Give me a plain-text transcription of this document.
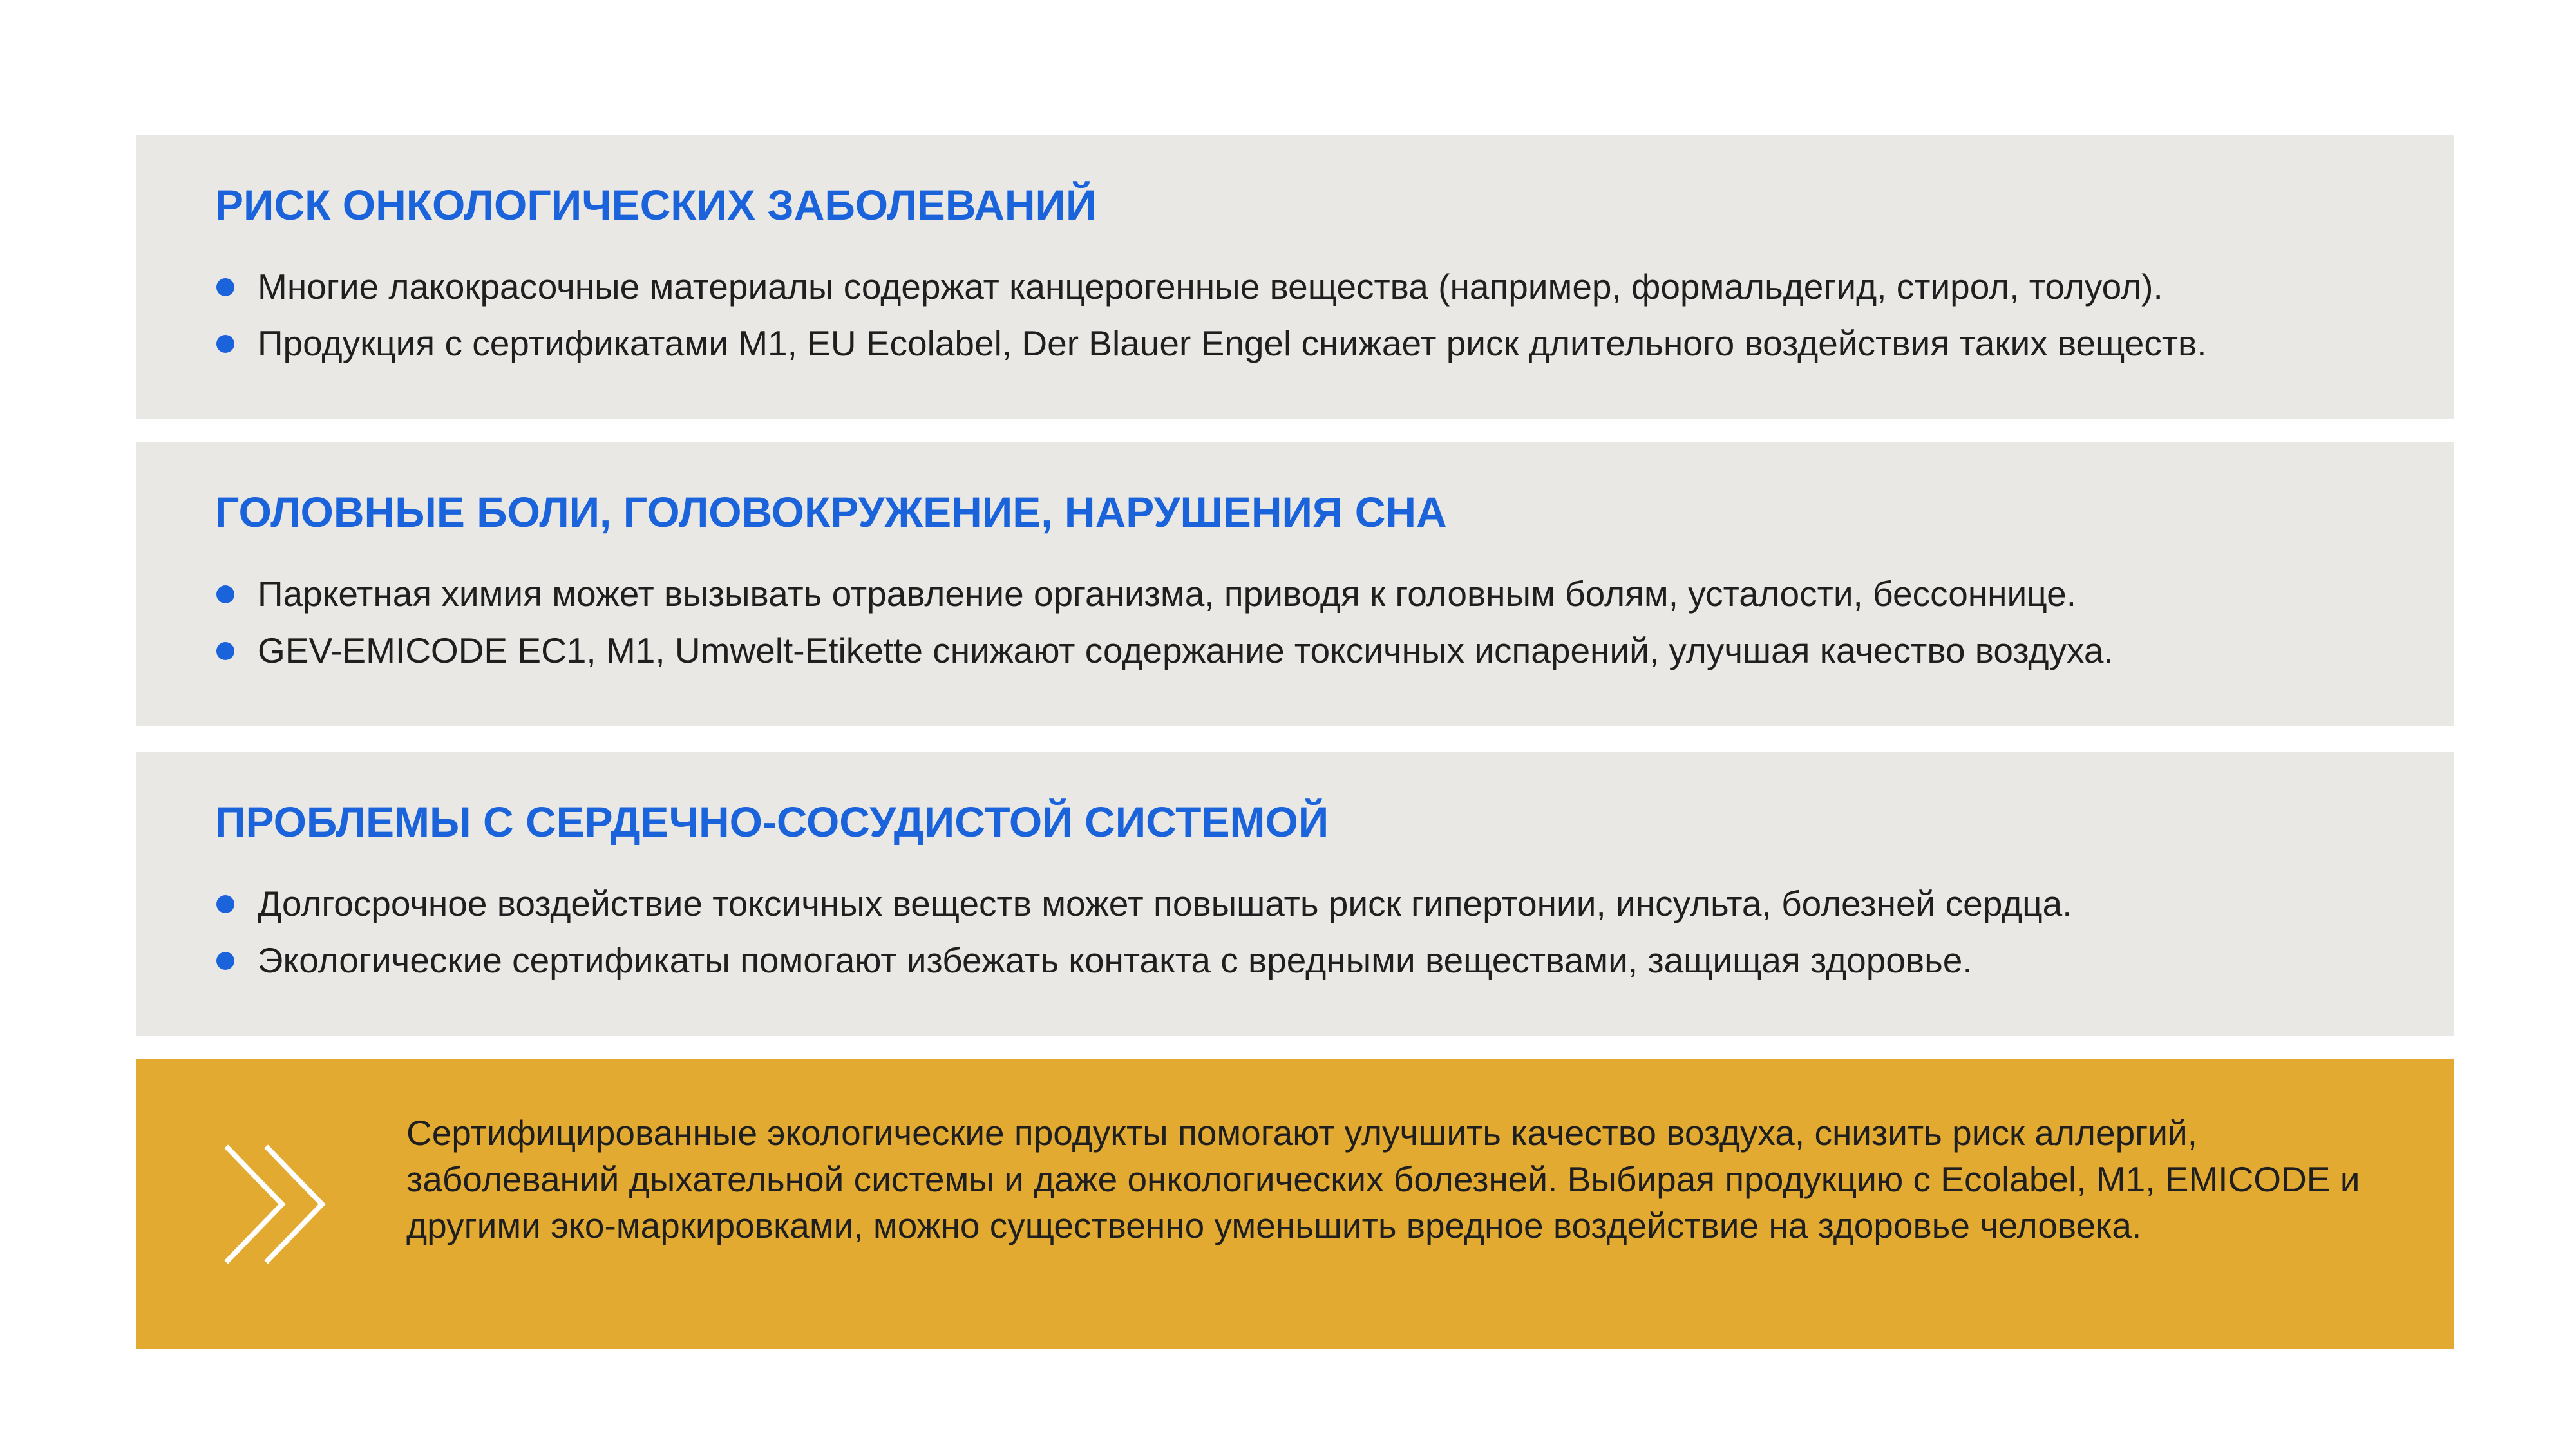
РИСК ОНКОЛОГИЧЕСКИХ ЗАБОЛЕВАНИЙ
Многие лакокрасочные материалы содержат канцерогенные вещества (например, формальдегид, стирол, толуол).
Продукция с сертификатами M1, EU Ecolabel, Der Blauer Engel снижает риск длительного воздействия таких веществ.
ГОЛОВНЫЕ БОЛИ, ГОЛОВОКРУЖЕНИЕ, НАРУШЕНИЯ СНА
Паркетная химия может вызывать отравление организма, приводя к головным болям, усталости, бессоннице.
GEV-EMICODE EC1, M1, Umwelt-Etikette снижают содержание токсичных испарений, улучшая качество воздуха.
ПРОБЛЕМЫ С СЕРДЕЧНО-СОСУДИСТОЙ СИСТЕМОЙ
Долгосрочное воздействие токсичных веществ может повышать риск гипертонии, инсульта, болезней сердца.
Экологические сертификаты помогают избежать контакта с вредными веществами, защищая здоровье.

Сертифицированные экологические продукты помогают улучшить качество воздуха, снизить риск аллергий, заболеваний дыхательной системы и даже онкологических болезней. Выбирая продукцию с Ecolabel, M1, EMICODE и другими эко-маркировками, можно существенно уменьшить вредное воздействие на здоровье человека.
